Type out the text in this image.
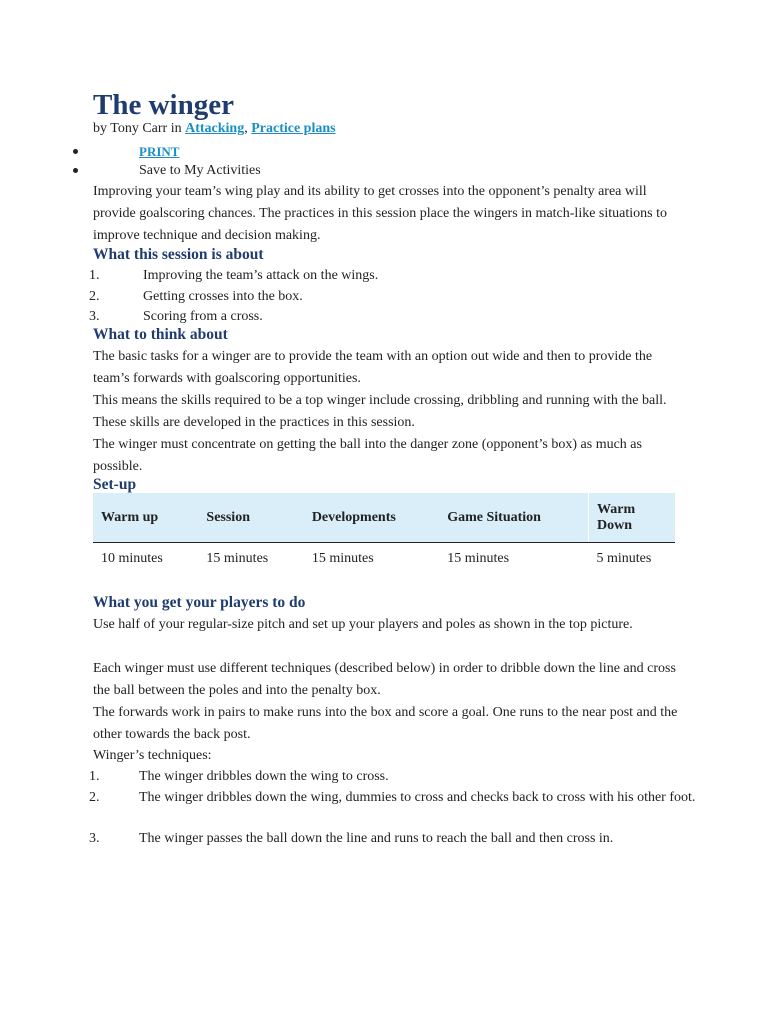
The winger
by Tony Carr in Attacking, Practice plans
PRINT
Save to My Activities

Improving your team’s wing play and its ability to get crosses into the opponent’s penalty area will provide goalscoring chances. The practices in this session place the wingers in match-like situations to improve technique and decision making.

What this session is about
1.	Improving the team’s attack on the wings.
2.	Getting crosses into the box.
3.	Scoring from a cross.
What to think about

The basic tasks for a winger are to provide the team with an option out wide and then to provide the team’s forwards with goalscoring opportunities.

This means the skills required to be a top winger include crossing, dribbling and running with the ball. These skills are developed in the practices in this session.

The winger must concentrate on getting the ball into the danger zone (opponent’s box) as much as possible.

Set-up
Warm up	Session	Developments	Game Situation	Warm Down
10 minutes	15 minutes	15 minutes	15 minutes	5 minutes
What you get your players to do

Use half of your regular-size pitch and set up your players and poles as shown in the top picture.

Each winger must use different techniques (described below) in order to dribble down the line and cross the ball between the poles and into the penalty box.

The forwards work in pairs to make runs into the box and score a goal. One runs to the near post and the other towards the back post.

Winger’s techniques:

1.	The winger dribbles down the wing to cross.
2.	The winger dribbles down the wing, dummies to cross and checks back to cross with his other foot.
3.	The winger passes the ball down the line and runs to reach the ball and then cross in.
